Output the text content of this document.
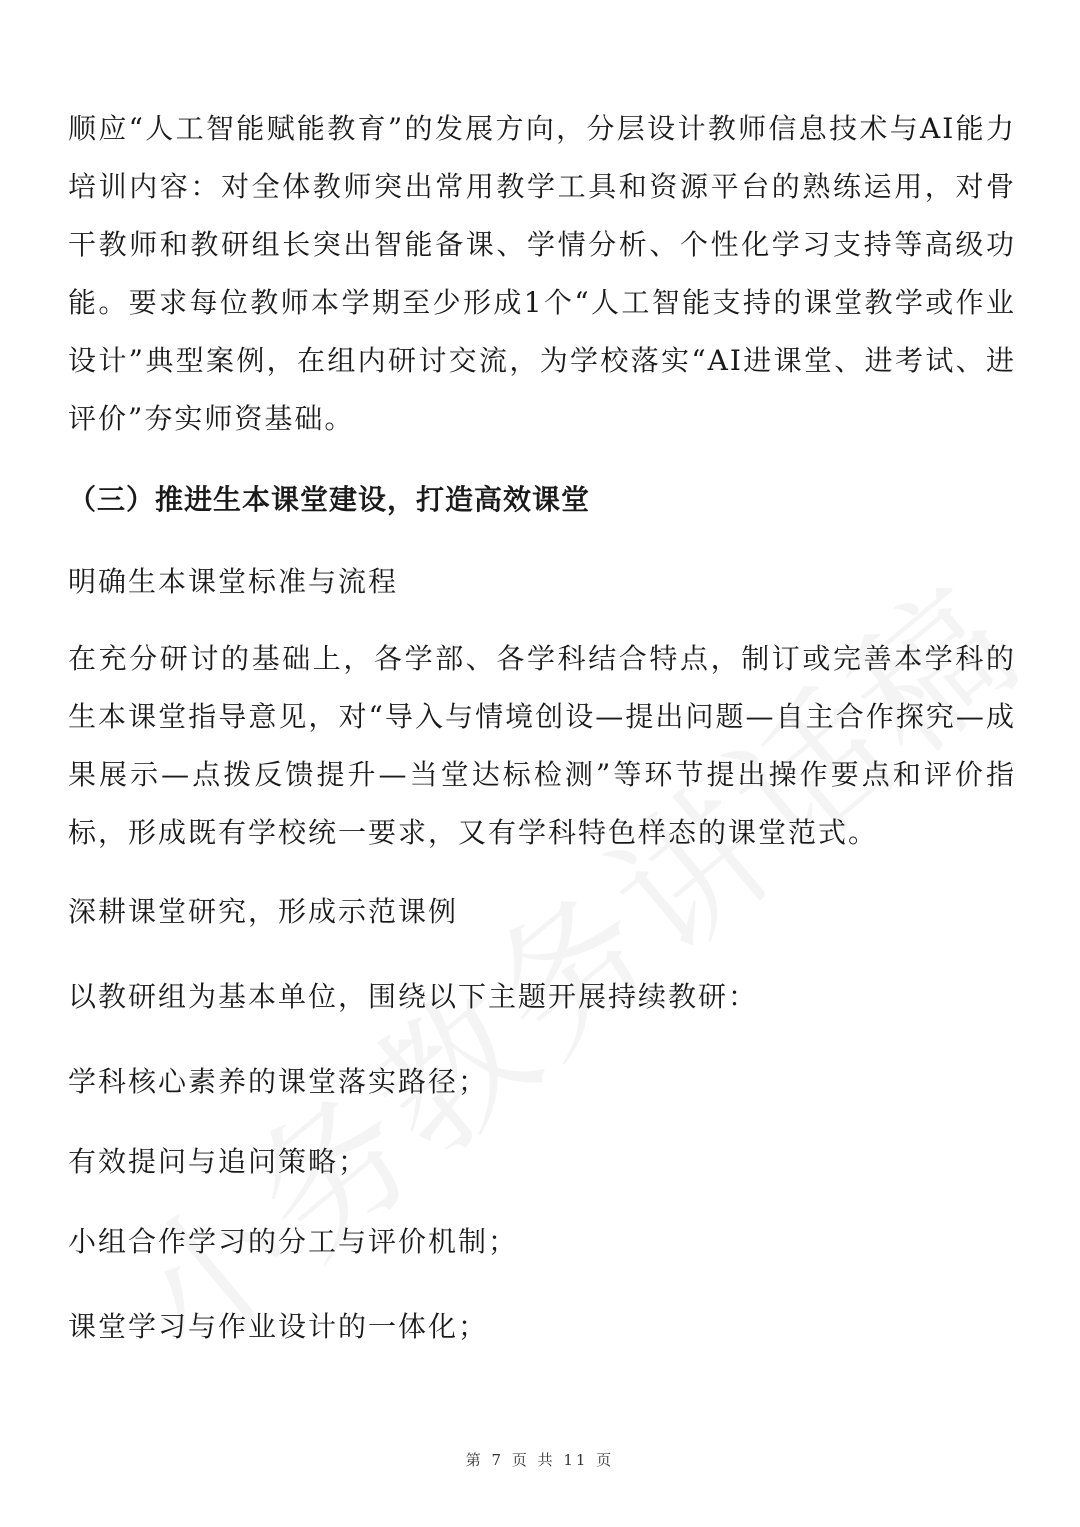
顺应“人工智能赋能教育”的发展方向，分层设计教师信息技术与AI能力培训内容：对全体教师突出常用教学工具和资源平台的熟练运用，对骨干教师和教研组长突出智能备课、学情分析、个性化学习支持等高级功能。要求每位教师本学期至少形成1个“人工智能支持的课堂教学或作业设计”典型案例，在组内研讨交流，为学校落实“AI进课堂、进考试、进评价”夯实师资基础。

（三）推进生本课堂建设，打造高效课堂

明确生本课堂标准与流程

在充分研讨的基础上，各学部、各学科结合特点，制订或完善本学科的生本课堂指导意见，对“导入与情境创设—提出问题—自主合作探究—成果展示—点拨反馈提升—当堂达标检测”等环节提出操作要点和评价指标，形成既有学校统一要求，又有学科特色样态的课堂范式。

深耕课堂研究，形成示范课例

以教研组为基本单位，围绕以下主题开展持续教研：

学科核心素养的课堂落实路径；

有效提问与追问策略；

小组合作学习的分工与评价机制；

课堂学习与作业设计的一体化；

第 7 页 共 11 页
